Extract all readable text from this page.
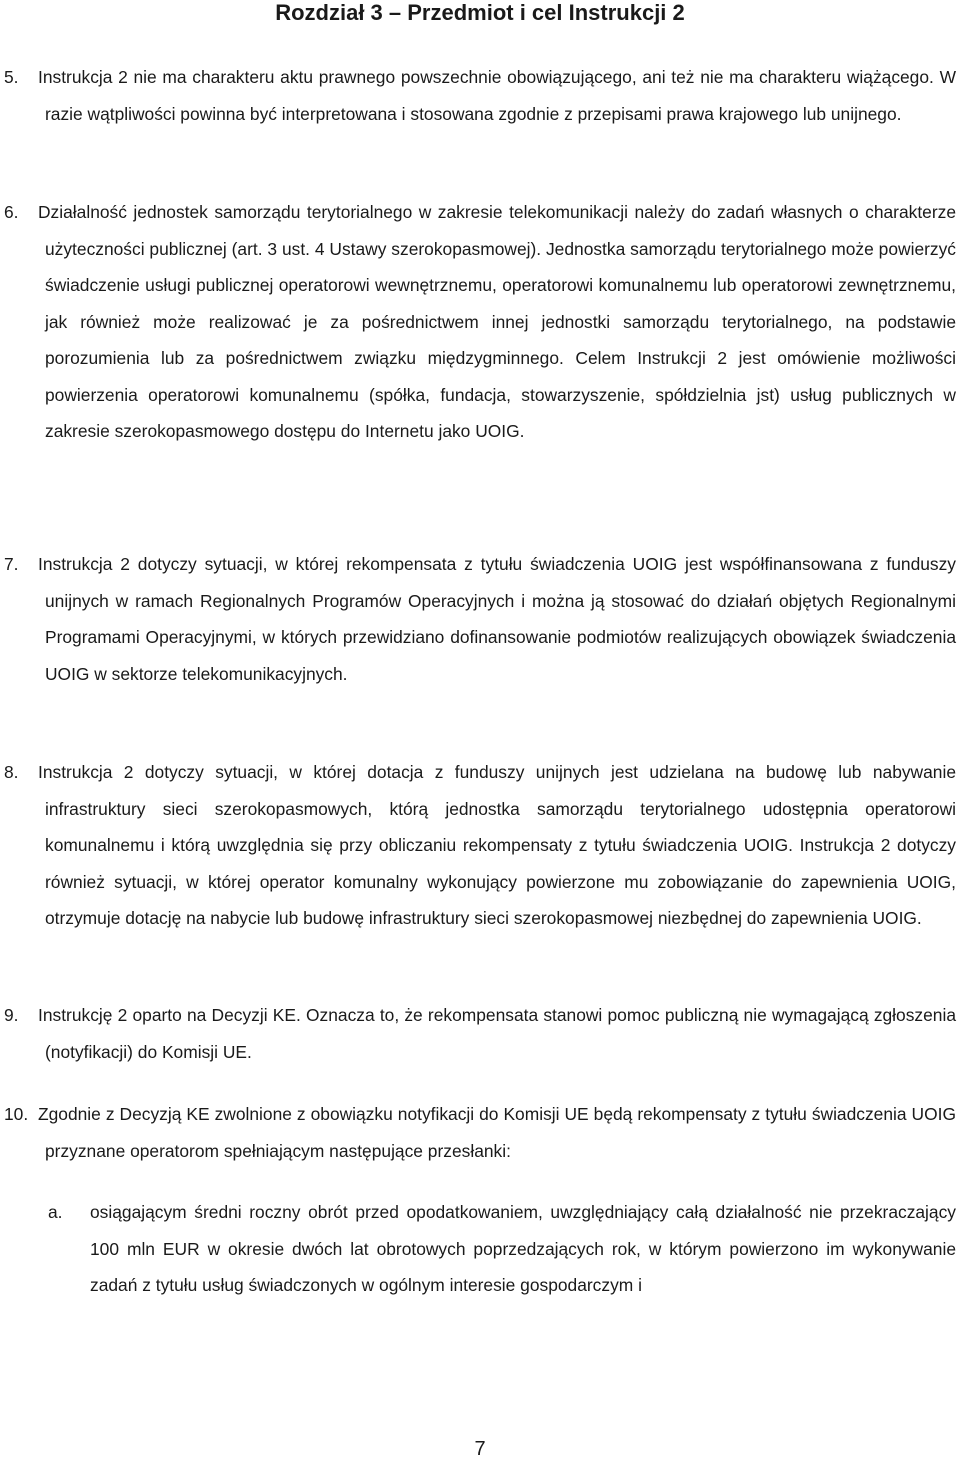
Rozdział 3 – Przedmiot i cel Instrukcji 2
5. Instrukcja 2 nie ma charakteru aktu prawnego powszechnie obowiązującego, ani też nie ma charakteru wiążącego. W razie wątpliwości powinna być interpretowana i stosowana zgodnie z przepisami prawa krajowego lub unijnego.
6. Działalność jednostek samorządu terytorialnego w zakresie telekomunikacji należy do zadań własnych o charakterze użyteczności publicznej (art. 3 ust. 4 Ustawy szerokopasmowej). Jednostka samorządu terytorialnego może powierzyć świadczenie usługi publicznej operatorowi wewnętrznemu, operatorowi komunalnemu lub operatorowi zewnętrznemu, jak również może realizować je za pośrednictwem innej jednostki samorządu terytorialnego, na podstawie porozumienia lub za pośrednictwem związku międzygminnego. Celem Instrukcji 2 jest omówienie możliwości powierzenia operatorowi komunalnemu (spółka, fundacja, stowarzyszenie, spółdzielnia jst) usług publicznych w zakresie szerokopasmowego dostępu do Internetu jako UOIG.
7. Instrukcja 2 dotyczy sytuacji, w której rekompensata z tytułu świadczenia UOIG jest współfinansowana z funduszy unijnych w ramach Regionalnych Programów Operacyjnych i można ją stosować do działań objętych Regionalnymi Programami Operacyjnymi, w których przewidziano dofinansowanie podmiotów realizujących obowiązek świadczenia UOIG w sektorze telekomunikacyjnych.
8. Instrukcja 2 dotyczy sytuacji, w której dotacja z funduszy unijnych jest udzielana na budowę lub nabywanie infrastruktury sieci szerokopasmowych, którą jednostka samorządu terytorialnego udostępnia operatorowi komunalnemu i którą uwzględnia się przy obliczaniu rekompensaty z tytułu świadczenia UOIG. Instrukcja 2 dotyczy również sytuacji, w której operator komunalny wykonujący powierzone mu zobowiązanie do zapewnienia UOIG, otrzymuje dotację na nabycie lub budowę infrastruktury sieci szerokopasmowej niezbędnej do zapewnienia UOIG.
9. Instrukcję 2 oparto na Decyzji KE. Oznacza to, że rekompensata stanowi pomoc publiczną nie wymagającą zgłoszenia (notyfikacji) do Komisji UE.
10. Zgodnie z Decyzją KE zwolnione z obowiązku notyfikacji do Komisji UE będą rekompensaty z tytułu świadczenia UOIG przyznane operatorom spełniającym następujące przesłanki:
a. osiągającym średni roczny obrót przed opodatkowaniem, uwzględniający całą działalność nie przekraczający 100 mln EUR w okresie dwóch lat obrotowych poprzedzających rok, w którym powierzono im wykonywanie zadań z tytułu usług świadczonych w ogólnym interesie gospodarczym i
7
